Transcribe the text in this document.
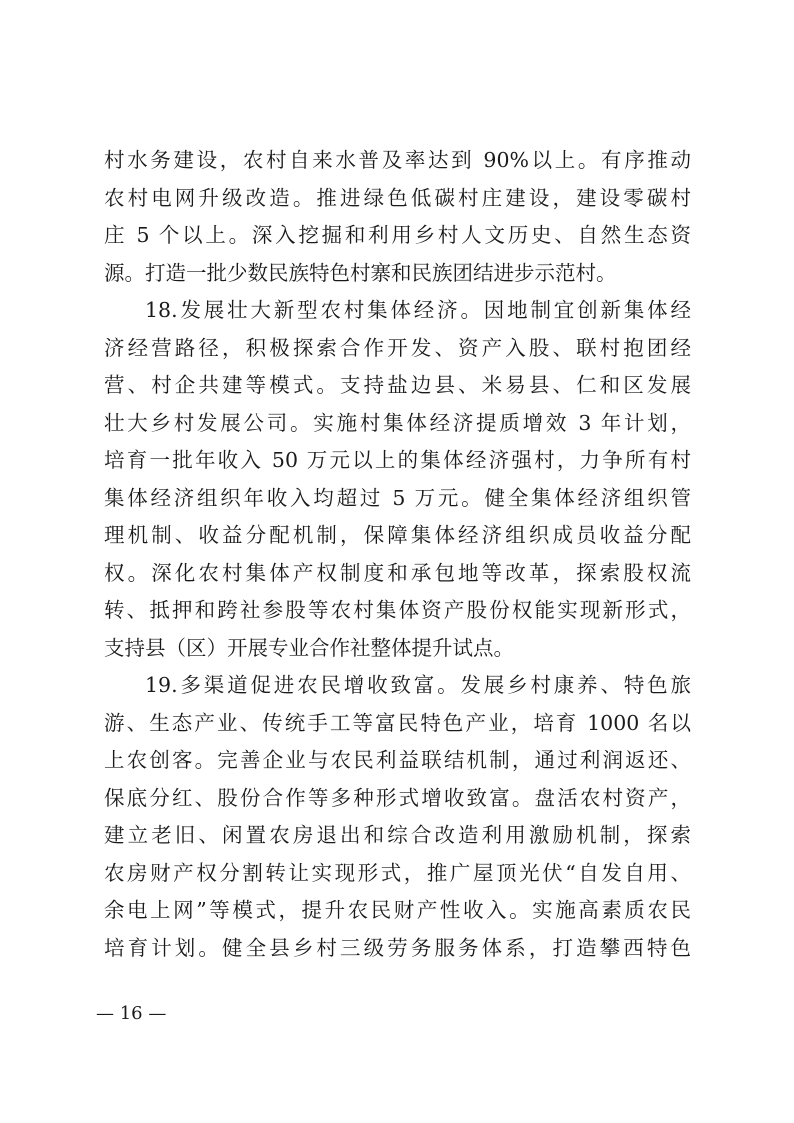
村水务建设，农村自来水普及率达到 90%以上。有序推动
农村电网升级改造。推进绿色低碳村庄建设，建设零碳村
庄 5 个以上。深入挖掘和利用乡村人文历史、自然生态资
源。打造一批少数民族特色村寨和民族团结进步示范村。
18.发展壮大新型农村集体经济。因地制宜创新集体经
济经营路径，积极探索合作开发、资产入股、联村抱团经
营、村企共建等模式。支持盐边县、米易县、仁和区发展
壮大乡村发展公司。实施村集体经济提质增效 3 年计划，
培育一批年收入 50 万元以上的集体经济强村，力争所有村
集体经济组织年收入均超过 5 万元。健全集体经济组织管
理机制、收益分配机制，保障集体经济组织成员收益分配
权。深化农村集体产权制度和承包地等改革，探索股权流
转、抵押和跨社参股等农村集体资产股份权能实现新形式，
支持县（区）开展专业合作社整体提升试点。
19.多渠道促进农民增收致富。发展乡村康养、特色旅
游、生态产业、传统手工等富民特色产业，培育 1000 名以
上农创客。完善企业与农民利益联结机制，通过利润返还、
保底分红、股份合作等多种形式增收致富。盘活农村资产，
建立老旧、闲置农房退出和综合改造利用激励机制，探索
农房财产权分割转让实现形式，推广屋顶光伏“自发自用、
余电上网”等模式，提升农民财产性收入。实施高素质农民
培育计划。健全县乡村三级劳务服务体系，打造攀西特色
— 16 —
